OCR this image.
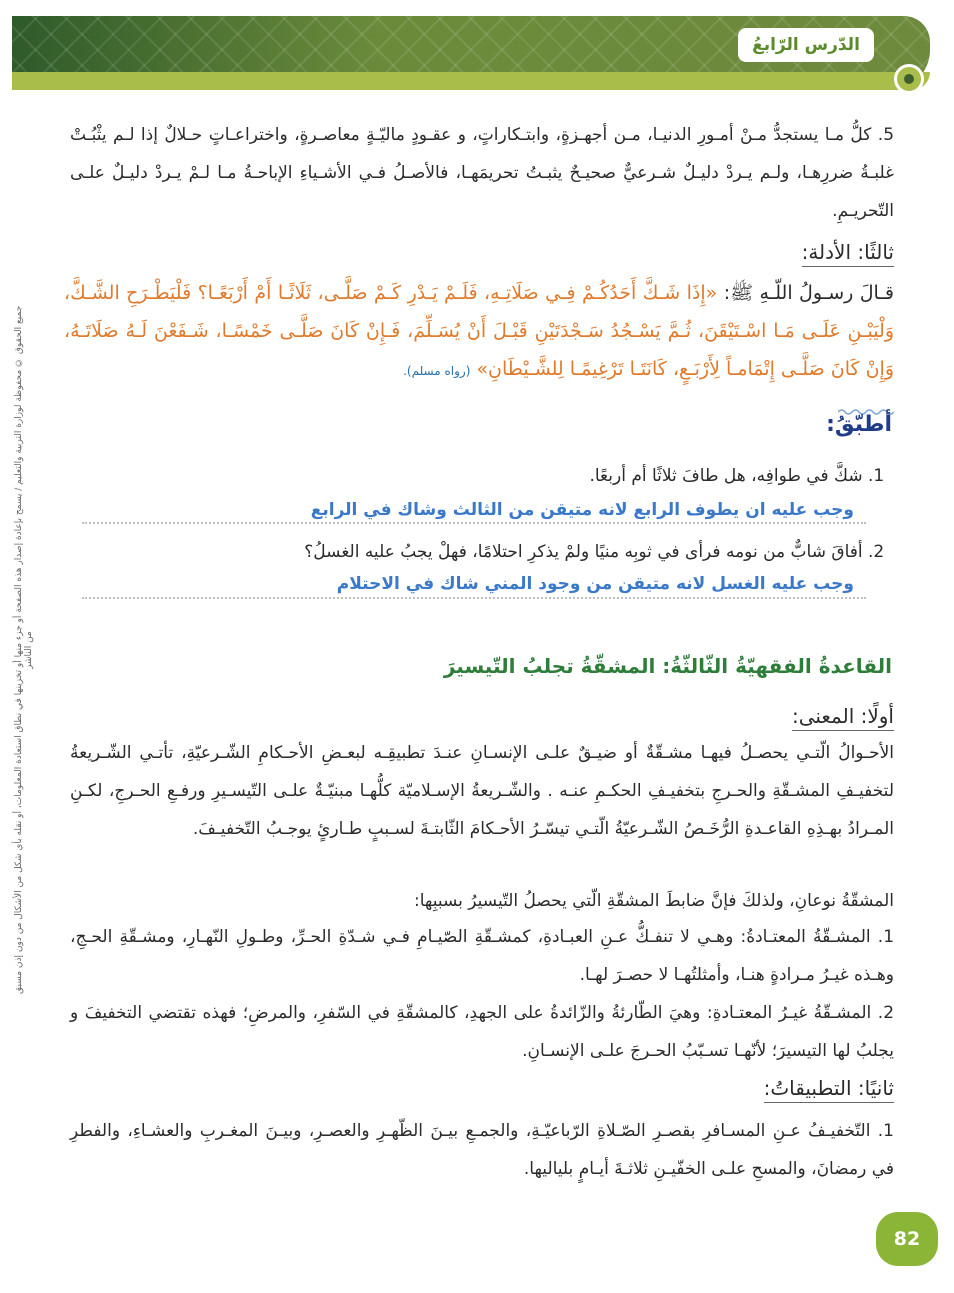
الدّرس الرّابعُ
جميع الحقوق © محفوظة لوزارة التربية والتعليم / يسمح بإعادة إصدار هذه الصفحة أو جزء منها أو تخزينها في نطاق استعادة المعلومات، أو نقله بأي شكل من الأشكال من دون إذن مسبق من الناشر
5. كلُّ مـا يستجدُّ مـنْ أمـورِ الدنيـا، مـن أجهـزةٍ، وابتـكاراتٍ، و عقـودٍ ماليّـةٍ معاصـرةٍ، واختراعـاتٍ حـلالٌ إذا لـم يثْبُـتْ غلبـةُ ضررِهـا، ولـم يـردْ دليـلٌ شـرعيٌّ صحيـحٌ يثبـتُ تحريمَهـا، فالأصـلُ فـي الأشـياءِ الإباحـةُ مـا لـمْ يـردْ دليـلٌ علـى التّحريـمِ.
ثالثًا: الأدلة:
قـالَ رسـولُ اللّـهِ ﷺ: «إِذَا شَـكَّ أَحَدُكُـمْ فِـي صَلَاتِـهِ، فَلَـمْ يَـدْرِ كَـمْ صَلَّـى، ثَلَاثًـا أَمْ أَرْبَعًـا؟ فَلْيَطْـرَحِ الشَّـكَّ، وَلْيَبْـنِ عَلَـى مَـا اسْـتَيْقَنَ، ثُـمَّ يَسْـجُدُ سَـجْدَتَيْنِ قَبْـلَ أَنْ يُسَـلِّمَ، فَـإِنْ كَانَ صَلَّـى خَمْسًـا، شَـفَعْنَ لَـهُ صَلَاتَـهُ، وَإِنْ كَانَ صَلَّـى إِتْمَامـاً لِأَرْبَـعٍ، كَانَتَـا تَرْغِيمًـا لِلشَّـيْطَانِ» (رواه مسلم).
أطبّقُ:
1. شكَّ في طوافِه، هل طافَ ثلاثًا أم أربعًا.
وجب عليه ان يطوف الرابع لانه متيقن من الثالث وشاك في الرابع
2. أفاقَ شابٌّ من نومه فرأى في ثوبِه منيًا ولمْ يذكرِ احتلامًا، فهلْ يجبُ عليه الغسلُ؟
وجب عليه الغسل لانه متيقن من وجود المني شاك في الاحتلام
القاعدةُ الفقهيّةُ الثّالثّةُ: المشقّةُ تجلبُ التّيسيرَ
أولًا: المعنى:
الأحـوالُ الّتـي يحصـلُ فيهـا مشـقّةٌ أو ضيـقٌ علـى الإنسـانِ عنـدَ تطبيقِـه لبعـضِ الأحـكامِ الشّـرعيّةِ، تأتـي الشّـريعةُ لتخفيـفِ المشـقّةِ والحـرجِ بتخفيـفِ الحكـمِ عنـه . والشّـريعةُ الإسـلاميّة كلُّهـا مبنيّـةٌ علـى التّيسـيرِ ورفـعِ الحـرجِ، لكـنِ المـرادُ بهـذِهِ القاعـدةِ الرُّخَـصُ الشّـرعيّةُ الّتـي تيسّـرُ الأحـكامَ الثّابتـةَ لسـببٍ طـارئٍ يوجـبُ التّخفيـفَ.
المشقّةُ نوعانِ، ولذلكَ فإنَّ ضابطَ المشقّةِ الّتي يحصلُ التّيسيرُ بسببِها:
1. المشـقّةُ المعتـادةُ: وهـي لا تنفـكُّ عـنِ العبـادةِ، كمشـقّةِ الصّيـامِ فـي شـدّةِ الحـرِّ، وطـولِ النّهـارِ، ومشـقّةِ الحـجِ، وهـذه غيـرُ مـرادةٍ هنـا، وأمثلتُهـا لا حصـرَ لهـا.
2. المشـقّةُ غيـرُ المعتـادةِ: وهيَ الطّارئةُ والزّائدةُ على الجهدِ، كالمشقّةِ في السّفرِ، والمرضِ؛ فهذه تقتضي التخفيفَ و يجلبُ لها التيسيرَ؛ لأنّهـا تسـبّبُ الحـرجَ علـى الإنسـانِ.
ثانيًا: التطبيقاتُ:
1. التّخفيـفُ عـنِ المسـافرِ بقصـرِ الصّـلاةِ الرّباعيّـةِ، والجمـعِ بيـنَ الظّهـرِ والعصـرِ، وبيـنَ المغـربِ والعشـاءِ، والفطرِ في رمضانَ، والمسحِ علـى الخفّيـنِ ثلاثـةَ أيـامٍ بلياليها.
82
